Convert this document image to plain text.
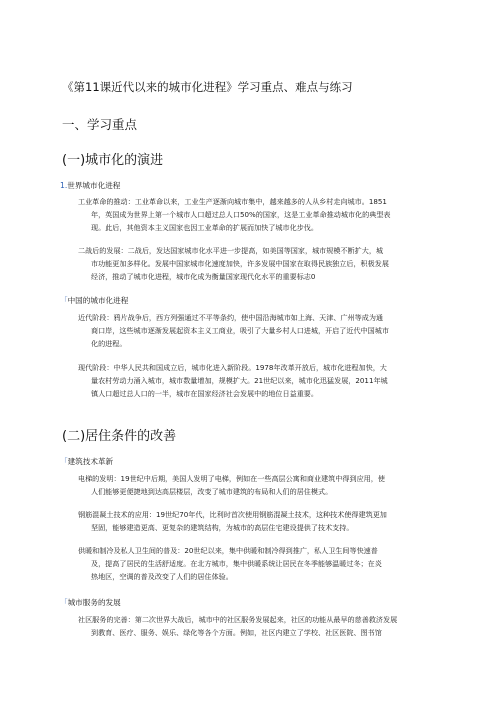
《第11课近代以来的城市化进程》学习重点、难点与练习
一、学习重点
(一)城市化的演进
1.世界城市化进程
工业革命的推动：工业革命以来，工业生产逐渐向城市集中，越来越多的人从乡村走向城市。1851
年，英国成为世界上第一个城市人口超过总人口50%的国家，这是工业革命推动城市化的典型表
现。此后，其他资本主义国家也因工业革命的扩展而加快了城市化步伐。
二战后的发展：二战后，发达国家城市化水平进一步提高，如美国等国家，城市规模不断扩大，城
市功能更加多样化。发展中国家城市化速度加快，许多发展中国家在取得民族独立后，积极发展
经济，推动了城市化进程，城市化成为衡量国家现代化水平的重要标志0
「中国的城市化进程
近代阶段：鸦片战争后，西方列强通过不平等条约，使中国沿海城市如上海、天津、广州等成为通
商口岸，这些城市逐渐发展起资本主义工商业，吸引了大量乡村人口进城，开启了近代中国城市
化的进程。
现代阶段：中华人民共和国成立后，城市化进入新阶段。1978年改革开放后，城市化进程加快，大
量农村劳动力涌入城市，城市数量增加，规模扩大。21世纪以来，城市化迅猛发展，2011年城
镇人口超过总人口的一半，城市在国家经济社会发展中的地位日益重要。
(二)居住条件的改善
「建筑技术革新
电梯的发明：19世纪中后期，美国人发明了电梯，例如在一些高层公寓和商业建筑中得到应用，使
人们能够更便捷地到达高层楼层，改变了城市建筑的布局和人们的居住模式。
钢筋混凝土技术的应用：19世纪70年代，比利时首次使用钢筋混凝土技术，这种技术使得建筑更加
坚固，能够建造更高、更复杂的建筑结构，为城市的高层住宅建设提供了技术支持。
供暖和制冷及私人卫生间的普及：20世纪以来，集中供暖和制冷得到推广，私人卫生间等快速普
及，提高了居民的生活舒适度。在北方城市，集中供暖系统让居民在冬季能够温暖过冬；在炎
热地区，空调的普及改变了人们的居住体验。
「城市服务的发展
社区服务的完善：第二次世界大战后，城市中的社区服务发展起来，社区的功能从最早的慈善救济发展
到教育、医疗、服务、娱乐、绿化等各个方面。例如，社区内建立了学校、社区医院、图书馆
